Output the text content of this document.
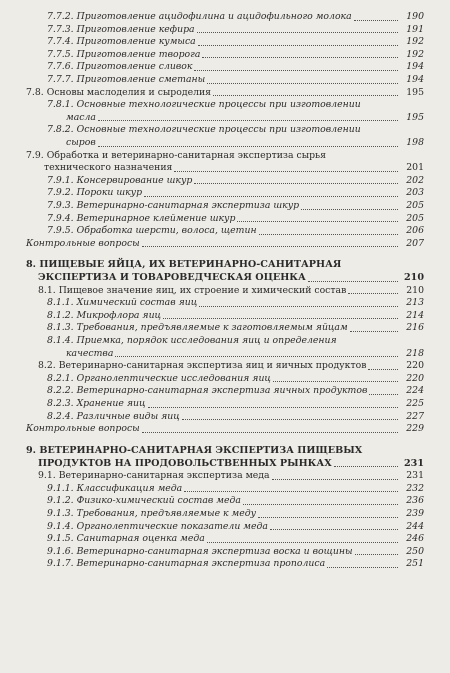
7.7.2. Приготовление ацидофилина и ацидофильного молока	190
7.7.3. Приготовление кефира	191
7.7.4. Приготовление кумыса	192
7.7.5. Приготовление творога	192
7.7.6. Приготовление сливок	194
7.7.7. Приготовление сметаны	194
7.8. Основы маслоделия и сыроделия	195
7.8.1. Основные технологические процессы при изготовлении
масла	195
7.8.2. Основные технологические процессы при изготовлении
сыров	198
7.9. Обработка и ветеринарно-санитарная экспертиза сырья
технического назначения	201
7.9.1. Консервирование шкур	202
7.9.2. Пороки шкур	203
7.9.3. Ветеринарно-санитарная экспертиза шкур	205
7.9.4. Ветеринарное клеймение шкур	205
7.9.5. Обработка шерсти, волоса, щетин	206
Контрольные вопросы	207
8. ПИЩЕВЫЕ ЯЙЦА, ИХ ВЕТЕРИНАРНО-САНИТАРНАЯ
ЭКСПЕРТИЗА И ТОВАРОВЕДЧЕСКАЯ ОЦЕНКА	210
8.1. Пищевое значение яиц, их строение и химический состав	210
8.1.1. Химический состав яиц	213
8.1.2. Микрофлора яиц	214
8.1.3. Требования, предъявляемые к заготовляемым яйцам	216
8.1.4. Приемка, порядок исследования яиц и определения
качества	218
8.2. Ветеринарно-санитарная экспертиза яиц и яичных продуктов	220
8.2.1. Органолептические исследования яиц	220
8.2.2. Ветеринарно-санитарная экспертиза яичных продуктов	224
8.2.3. Хранение яиц	225
8.2.4. Различные виды яиц	227
Контрольные вопросы	229
9. ВЕТЕРИНАРНО-САНИТАРНАЯ ЭКСПЕРТИЗА ПИЩЕВЫХ
ПРОДУКТОВ НА ПРОДОВОЛЬСТВЕННЫХ РЫНКАХ	231
9.1. Ветеринарно-санитарная экспертиза меда	231
9.1.1. Классификация меда	232
9.1.2. Физико-химический состав меда	236
9.1.3. Требования, предъявляемые к меду	239
9.1.4. Органолептические показатели меда	244
9.1.5. Санитарная оценка меда	246
9.1.6. Ветеринарно-санитарная экспертиза воска и вощины	250
9.1.7. Ветеринарно-санитарная экспертиза прополиса	251
